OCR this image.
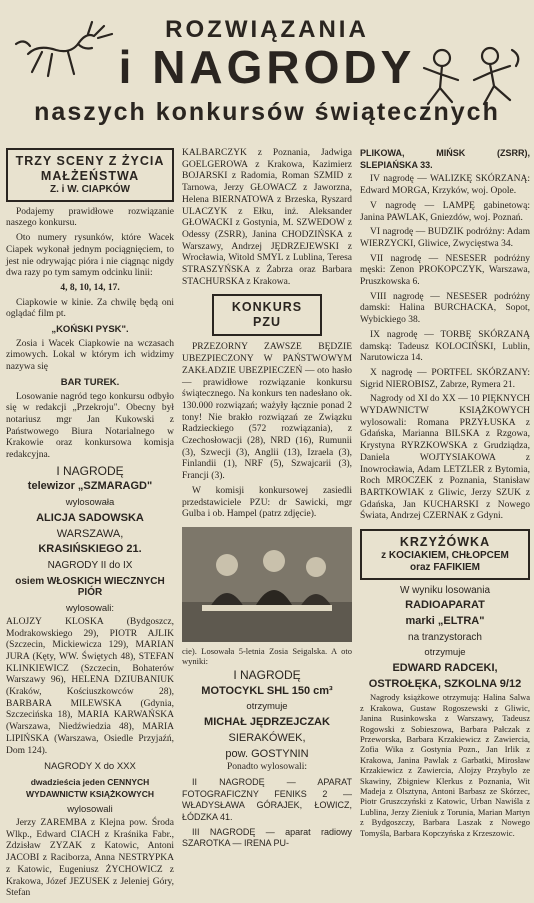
ROZWIĄZANIA
i NAGRODY
naszych konkursów świątecznych
TRZY SCENY Z ŻYCIA
MAŁŻEŃSTWA
Z. i W. CIAPKÓW

Podajemy prawidłowe rozwiązanie naszego konkursu.

Oto numery rysunków, które Wacek Ciapek wykonał jednym pociągnięciem, to jest nie odrywając pióra i nie ciągnąc nigdy dwa razy po tym samym odcinku linii:

4, 8, 10, 14, 17.

Ciapkowie w kinie. Za chwilę będą oni oglądać film pt.

„KOŃSKI PYSK".

Zosia i Wacek Ciapkowie na wczasach zimowych. Lokal w którym ich widzimy nazywa się

BAR TUREK.

Losowanie nagród tego konkursu odbyło się w redakcji „Przekroju". Obecny był notariusz mgr Jan Kukowski z Państwowego Biura Notarialnego w Krakowie oraz konkursowa komisja redakcyjna.

I NAGRODĘ
telewizor „SZMARAGD"
wylosowała
ALICJA SADOWSKA
WARSZAWA,
KRASIŃSKIEGO 21.
NAGRODY II do IX
osiem WŁOSKICH WIECZNYCH PIÓR
wylosowali:

ALOJZY KLOSKA (Bydgoszcz, Modrakowskiego 29), PIOTR AJLIK (Szczecin, Mickiewicza 129), MARIAN JURA (Kęty, WW. Świętych 48), STEFAN KLINKIEWICZ (Szczecin, Bohaterów Warszawy 96), HELENA DZIUBANIUK (Kraków, Kościuszkowców 28), BARBARA MILEWSKA (Gdynia, Szczecińska 18), MARIA KARWAŃSKA (Warszawa, Niedźwiedzia 48), MARIA LIPIŃSKA (Warszawa, Osiedle Przyjaźń, Dom 124).

NAGRODY X do XXX
dwadzieścia jeden CENNYCH WYDAWNICTW KSIĄŻKOWYCH
wylosowali

Jerzy ZAREMBA z Klejna pow. Środa Wlkp., Edward CIACH z Kraśnika Fabr., Zdzisław ZYZAK z Katowic, Antoni JACOBI z Raciborza, Anna NESTRYPKA z Katowic, Eugeniusz ŻYCHOWICZ z Krakowa, Józef JEZUSEK z Jeleniej Góry, Stefan

KALBARCZYK z Poznania, Jadwiga GOELGEROWA z Krakowa, Kazimierz BOJARSKI z Radomia, Roman SZMID z Tarnowa, Jerzy GŁOWACZ z Jaworzna, Helena BIERNATOWA z Brzeska, Ryszard ULACZYK z Ełku, inż. Aleksander GŁOWACKI z Gostynia, M. SZWEDOW z Odessy (ZSRR), Janina CHODZIŃSKA z Warszawy, Andrzej JĘDRZEJEWSKI z Wrocławia, Witold SMYL z Lublina, Teresa STRASZYŃSKA z Żabrza oraz Barbara STACHURSKA z Krakowa.

KONKURS PZU

PRZEZORNY ZAWSZE BĘDZIE UBEZPIECZONY W PAŃSTWOWYM ZAKŁADZIE UBEZPIECZEŃ — oto hasło — prawidłowe rozwiązanie konkursu świątecznego. Na konkurs ten nadesłano ok. 130.000 rozwiązań; ważyły łącznie ponad 2 tony! Nie brakło rozwiązań ze Związku Radzieckiego (572 rozwiązania), z Czechosłowacji (28), NRD (16), Rumunii (3), Szwecji (3), Anglii (13), Izraela (3), Finlandii (1), NRF (5), Szwajcarii (3), Francji (3).

W komisji konkursowej zasiedli przedstawiciele PZU: dr Sawicki, mgr Gulba i ob. Hampel (patrz zdjęcie).

cie). Losowała 5-letnia Zosia Seigalska. A oto wyniki:

I NAGRODĘ
MOTOCYKL SHL 150 cm³
otrzymuje
MICHAŁ JĘDRZEJCZAK
SIERAKÓWEK,
pow. GOSTYNIN

Ponadto wylosowali:

II NAGRODĘ — APARAT FOTOGRAFICZNY FENIKS 2 — WŁADYSŁAWA GÓRAJEK, ŁOWICZ, ŁÓDZKA 41.

III NAGRODĘ — aparat radiowy SZAROTKA — IRENA PU-

PLIKOWA, MIŃSK (ZSRR), SLEPIAŃSKA 33.

IV nagrodę — WALIZKĘ SKÓRZANĄ: Edward MORGA, Krzyków, woj. Opole.

V nagrodę — LAMPĘ gabinetową: Janina PAWLAK, Gniezdów, woj. Poznań.

VI nagrodę — BUDZIK podróżny: Adam WIERZYCKI, Gliwice, Zwycięstwa 34.

VII nagrodę — NESESER podróżny męski: Zenon PROKOPCZYK, Warszawa, Pruszkowska 6.

VIII nagrodę — NESESER podróżny damski: Halina BURCHACKA, Sopot, Wybickiego 38.

IX nagrodę — TORBĘ SKÓRZANĄ damską: Tadeusz KOLOCIŃSKI, Lublin, Narutowicza 14.

X nagrodę — PORTFEL SKÓRZANY: Sigrid NIEROBISZ, Zabrze, Rymera 21.

Nagrody od XI do XX — 10 PIĘKNYCH WYDAWNICTW KSIĄŻKOWYCH wylosowali: Romana PRZYŁUSKA z Gdańska, Marianna BILSKA z Rzgowa, Krystyna RYRZKOWSKA z Grudziądza, Daniela WOJTYSIAKOWA z Inowrocławia, Adam LETZLER z Bytomia, Roch MROCZEK z Poznania, Stanisław BARTKOWIAK z Gliwic, Jerzy SZUK z Gdańska, Jan KUCHARSKI z Nowego Świata, Andrzej CZERNAK z Gdyni.

KRZYŻÓWKA
z KOCIAKIEM, CHŁOPCEM
oraz FAFIKIEM
W wyniku losowania
RADIOAPARAT
marki „ELTRA"
na tranzystorach
otrzymuje
EDWARD RADCEKI,
OSTROŁĘKA, SZKOLNA 9/12

Nagrody książkowe otrzymują: Halina Salwa z Krakowa, Gustaw Rogoszewski z Gliwic, Janina Rusinkowska z Warszawy, Tadeusz Rogowski z Sobieszowa, Barbara Pałczak z Przeworska, Barbara Krzakiewicz z Zawiercia, Zofia Wika z Gostynia Pozn., Jan Irlik z Krakowa, Janina Pawlak z Garbatki, Mirosław Krzakiewicz z Zawiercia, Alojzy Przybylo ze Skawiny, Zbigniew Klerkus z Poznania, Wit Madeja z Olsztyna, Antoni Barbasz ze Skórzec, Piotr Gruszczyński z Katowic, Urban Nawiśla z Lublina, Jerzy Zieniuk z Torunia, Marian Martyn z Bydgoszczy, Barbara Laszak z Nowego Tomyśla, Barbara Kopczyńska z Krzeszowic.
